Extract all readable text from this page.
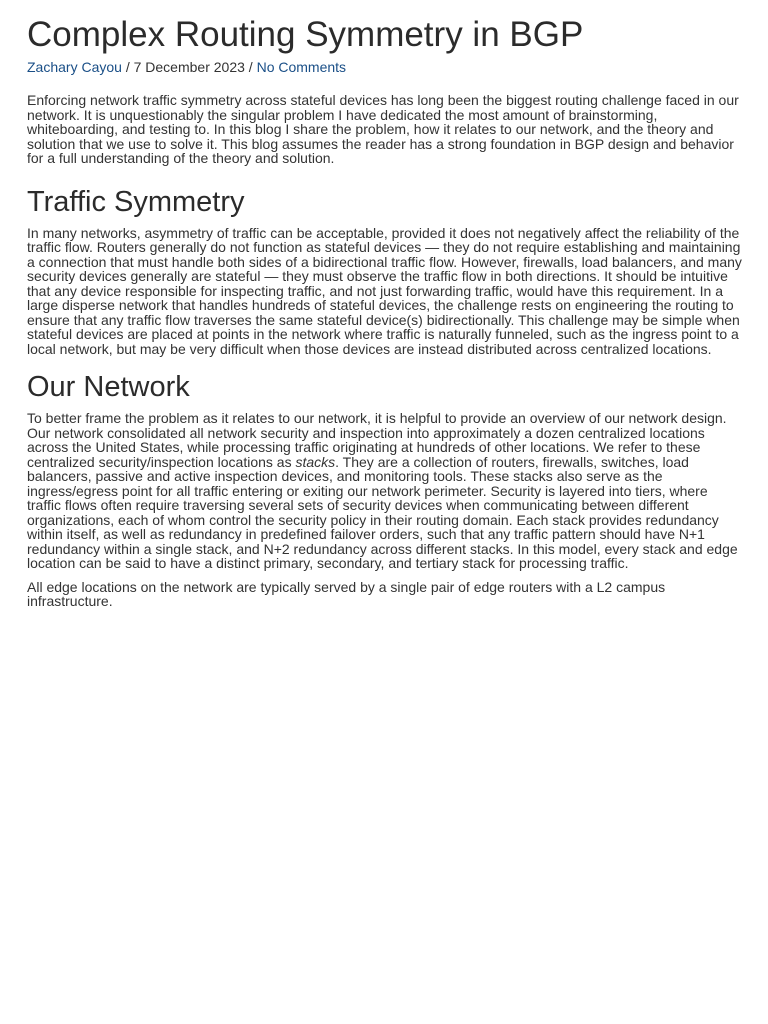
Complex Routing Symmetry in BGP
Zachary Cayou / 7 December 2023 / No Comments

Enforcing network traffic symmetry across stateful devices has long been the biggest routing challenge faced in our network. It is unquestionably the singular problem I have dedicated the most amount of brainstorming, whiteboarding, and testing to. In this blog I share the problem, how it relates to our network, and the theory and solution that we use to solve it. This blog assumes the reader has a strong foundation in BGP design and behavior for a full understanding of the theory and solution.

Traffic Symmetry

In many networks, asymmetry of traffic can be acceptable, provided it does not negatively affect the reliability of the traffic flow. Routers generally do not function as stateful devices — they do not require establishing and maintaining a connection that must handle both sides of a bidirectional traffic flow. However, firewalls, load balancers, and many security devices generally are stateful — they must observe the traffic flow in both directions. It should be intuitive that any device responsible for inspecting traffic, and not just forwarding traffic, would have this requirement. In a large disperse network that handles hundreds of stateful devices, the challenge rests on engineering the routing to ensure that any traffic flow traverses the same stateful device(s) bidirectionally. This challenge may be simple when stateful devices are placed at points in the network where traffic is naturally funneled, such as the ingress point to a local network, but may be very difficult when those devices are instead distributed across centralized locations.

Our Network

To better frame the problem as it relates to our network, it is helpful to provide an overview of our network design. Our network consolidated all network security and inspection into approximately a dozen centralized locations across the United States, while processing traffic originating at hundreds of other locations. We refer to these centralized security/inspection locations as stacks. They are a collection of routers, firewalls, switches, load balancers, passive and active inspection devices, and monitoring tools. These stacks also serve as the ingress/egress point for all traffic entering or exiting our network perimeter. Security is layered into tiers, where traffic flows often require traversing several sets of security devices when communicating between different organizations, each of whom control the security policy in their routing domain. Each stack provides redundancy within itself, as well as redundancy in predefined failover orders, such that any traffic pattern should have N+1 redundancy within a single stack, and N+2 redundancy across different stacks. In this model, every stack and edge location can be said to have a distinct primary, secondary, and tertiary stack for processing traffic.

All edge locations on the network are typically served by a single pair of edge routers with a L2 campus infrastructure.
